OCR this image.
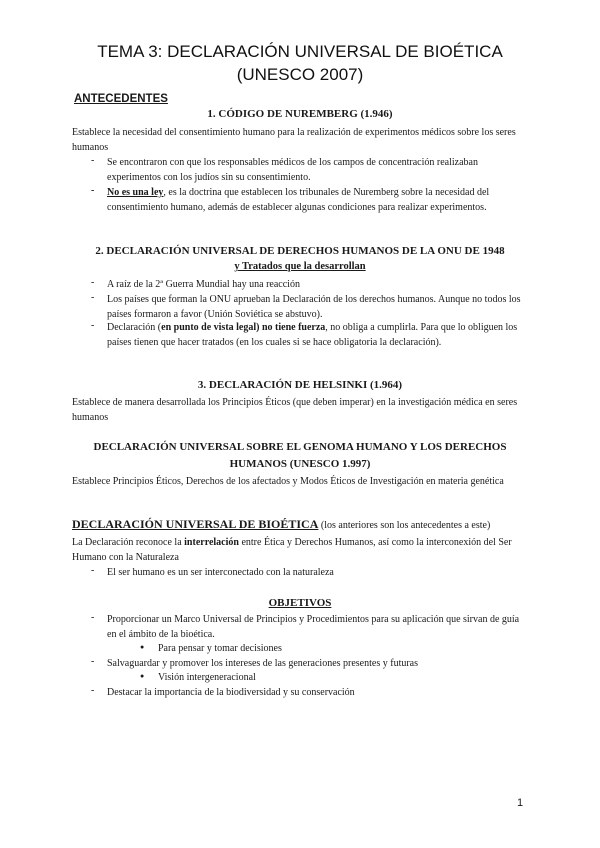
TEMA 3: DECLARACIÓN UNIVERSAL DE BIOÉTICA
(UNESCO 2007)
ANTECEDENTES
1. CÓDIGO DE NUREMBERG (1.946)
Establece la necesidad del consentimiento humano para la realización de experimentos médicos sobre los seres humanos
- Se encontraron con que los responsables médicos de los campos de concentración realizaban experimentos con los judíos sin su consentimiento.
- No es una ley, es la doctrina que establecen los tribunales de Nuremberg sobre la necesidad del consentimiento humano, además de establecer algunas condiciones para realizar experimentos.
2. DECLARACIÓN UNIVERSAL DE DERECHOS HUMANOS DE LA ONU DE 1948
y Tratados que la desarrollan
- A raíz de la 2ª Guerra Mundial hay una reacción
- Los países que forman la ONU aprueban la Declaración de los derechos humanos. Aunque no todos los países formaron a favor (Unión Soviética se abstuvo).
- Declaración (en punto de vista legal) no tiene fuerza, no obliga a cumplirla. Para que lo obliguen los países tienen que hacer tratados (en los cuales si se hace obligatoria la declaración).
3. DECLARACIÓN DE HELSINKI (1.964)
Establece de manera desarrollada los Principios Éticos (que deben imperar) en la investigación médica en seres humanos
DECLARACIÓN UNIVERSAL SOBRE EL GENOMA HUMANO Y LOS DERECHOS
HUMANOS (UNESCO 1.997)
Establece Principios Éticos, Derechos de los afectados y Modos Éticos de Investigación en materia genética
DECLARACIÓN UNIVERSAL DE BIOÉTICA (los anteriores son los antecedentes a este)
La Declaración reconoce la interrelación entre Ética y Derechos Humanos, así como la interconexión del Ser Humano con la Naturaleza
- El ser humano es un ser interconectado con la naturaleza
OBJETIVOS
- Proporcionar un Marco Universal de Principios y Procedimientos para su aplicación que sirvan de guía en el ámbito de la bioética.
● Para pensar y tomar decisiones
- Salvaguardar y promover los intereses de las generaciones presentes y futuras
● Visión intergeneracional
- Destacar la importancia de la biodiversidad y su conservación
1
